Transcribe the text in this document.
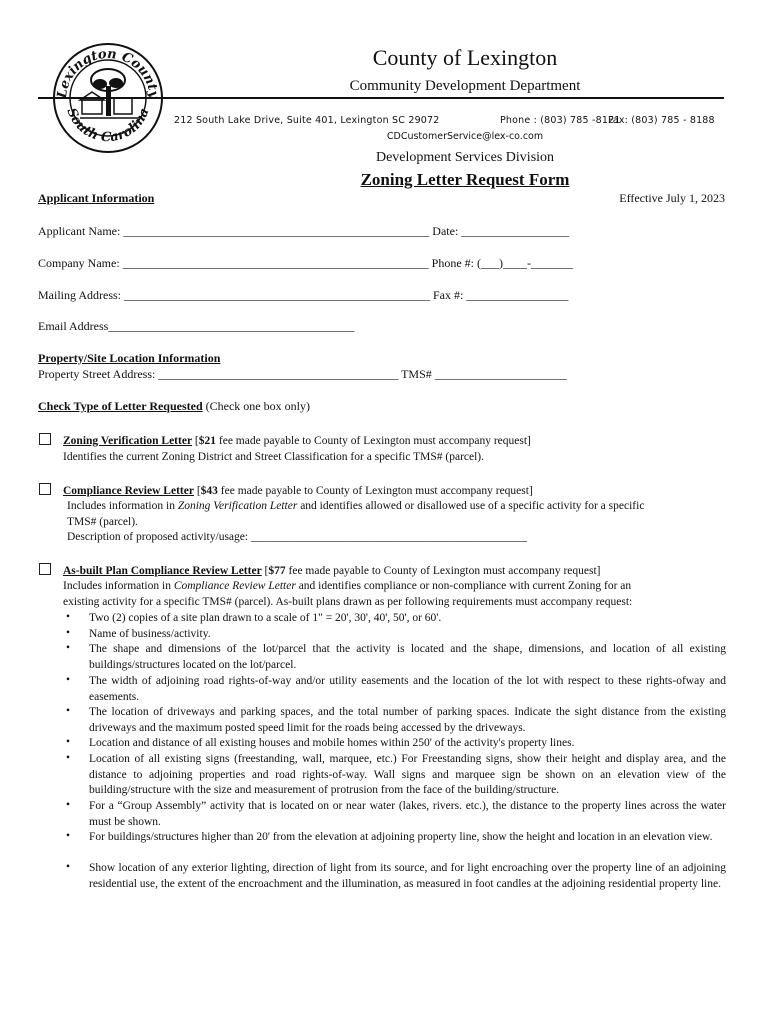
Lexington County
South Carolina
County of Lexington
Community Development Department
212 South Lake Drive, Suite 401, Lexington SC 29072	Phone : (803) 785 -8121
Fax: (803) 785 - 8188
CDCustomerService@lex-co.com
Development Services Division
Zoning Letter Request Form
Applicant Information	Effective July 1, 2023
Applicant Name: ___________________________________________________ Date: __________________
Company Name: ___________________________________________________ Phone #: (___)____-_______
Mailing Address: ___________________________________________________ Fax #: _________________
Email Address_________________________________________
Property/Site Location Information
Property Street Address: ________________________________________ TMS# ______________________
Check Type of Letter Requested (Check one box only)
Zoning Verification Letter [$21 fee made payable to County of Lexington must accompany request]
Identifies the current Zoning District and Street Classification for a specific TMS# (parcel).
Compliance Review Letter [$43 fee made payable to County of Lexington must accompany request]
Includes information in Zoning Verification Letter and identifies allowed or disallowed use of a specific activity for a specific
TMS# (parcel).
Description of proposed activity/usage: ________________________________________________
As-built Plan Compliance Review Letter [$77 fee made payable to County of Lexington must accompany request]
Includes information in Compliance Review Letter and identifies compliance or non-compliance with current Zoning for an
existing activity for a specific TMS# (parcel). As-built plans drawn as per following requirements must accompany request:
• Two (2) copies of a site plan drawn to a scale of 1" = 20', 30', 40', 50', or 60'.
• Name of business/activity.
• The shape and dimensions of the lot/parcel that the activity is located and the shape, dimensions, and location of all existing buildings/structures located on the lot/parcel.
• The width of adjoining road rights-of-way and/or utility easements and the location of the lot with respect to these rights-ofway and easements.
• The location of driveways and parking spaces, and the total number of parking spaces. Indicate the sight distance from the existing driveways and the maximum posted speed limit for the roads being accessed by the driveways.
• Location and distance of all existing houses and mobile homes within 250' of the activity's property lines.
• Location of all existing signs (freestanding, wall, marquee, etc.) For Freestanding signs, show their height and display area, and the distance to adjoining properties and road rights-of-way. Wall signs and marquee sign be shown on an elevation view of the building/structure with the size and measurement of protrusion from the face of the building/structure.
• For a “Group Assembly” activity that is located on or near water (lakes, rivers. etc.), the distance to the property lines across the water must be shown.
• For buildings/structures higher than 20' from the elevation at adjoining property line, show the height and location in an elevation view.
• Show location of any exterior lighting, direction of light from its source, and for light encroaching over the property line of an adjoining residential use, the extent of the encroachment and the illumination, as measured in foot candles at the adjoining residential property line.
